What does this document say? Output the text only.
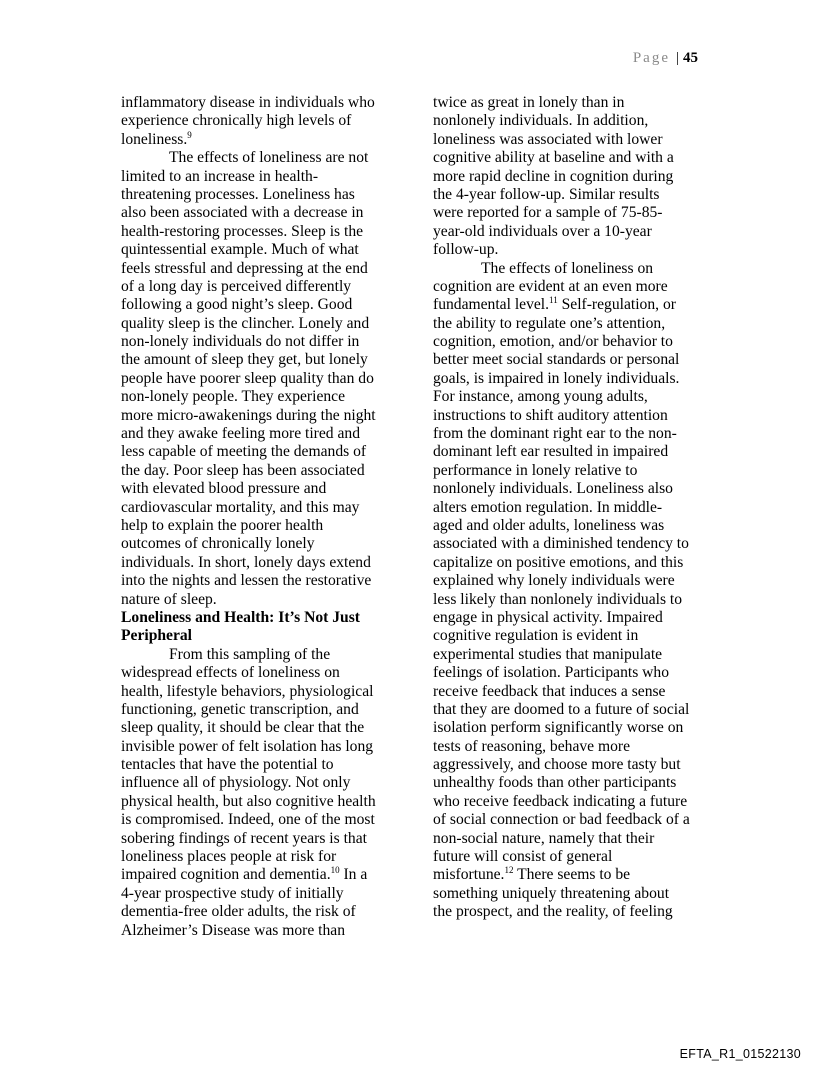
Page | 45
inflammatory disease in individuals who
experience chronically high levels of
loneliness.$^9$
The effects of loneliness are not
limited to an increase in health-
threatening processes. Loneliness has
also been associated with a decrease in
health-restoring processes. Sleep is the
quintessential example. Much of what
feels stressful and depressing at the end
of a long day is perceived differently
following a good night’s sleep. Good
quality sleep is the clincher. Lonely and
non-lonely individuals do not differ in
the amount of sleep they get, but lonely
people have poorer sleep quality than do
non-lonely people. They experience
more micro-awakenings during the night
and they awake feeling more tired and
less capable of meeting the demands of
the day. Poor sleep has been associated
with elevated blood pressure and
cardiovascular mortality, and this may
help to explain the poorer health
outcomes of chronically lonely
individuals. In short, lonely days extend
into the nights and lessen the restorative
nature of sleep.
Loneliness and Health: It’s Not Just
Peripheral
From this sampling of the
widespread effects of loneliness on
health, lifestyle behaviors, physiological
functioning, genetic transcription, and
sleep quality, it should be clear that the
invisible power of felt isolation has long
tentacles that have the potential to
influence all of physiology. Not only
physical health, but also cognitive health
is compromised. Indeed, one of the most
sobering findings of recent years is that
loneliness places people at risk for
impaired cognition and dementia.$^{10}$ In a
4-year prospective study of initially
dementia-free older adults, the risk of
Alzheimer’s Disease was more than
twice as great in lonely than in
nonlonely individuals. In addition,
loneliness was associated with lower
cognitive ability at baseline and with a
more rapid decline in cognition during
the 4-year follow-up. Similar results
were reported for a sample of 75-85-
year-old individuals over a 10-year
follow-up.
The effects of loneliness on
cognition are evident at an even more
fundamental level.$^{11}$ Self-regulation, or
the ability to regulate one’s attention,
cognition, emotion, and/or behavior to
better meet social standards or personal
goals, is impaired in lonely individuals.
For instance, among young adults,
instructions to shift auditory attention
from the dominant right ear to the non-
dominant left ear resulted in impaired
performance in lonely relative to
nonlonely individuals. Loneliness also
alters emotion regulation. In middle-
aged and older adults, loneliness was
associated with a diminished tendency to
capitalize on positive emotions, and this
explained why lonely individuals were
less likely than nonlonely individuals to
engage in physical activity. Impaired
cognitive regulation is evident in
experimental studies that manipulate
feelings of isolation. Participants who
receive feedback that induces a sense
that they are doomed to a future of social
isolation perform significantly worse on
tests of reasoning, behave more
aggressively, and choose more tasty but
unhealthy foods than other participants
who receive feedback indicating a future
of social connection or bad feedback of a
non-social nature, namely that their
future will consist of general
misfortune.$^{12}$ There seems to be
something uniquely threatening about
the prospect, and the reality, of feeling
EFTA_R1_01522130
